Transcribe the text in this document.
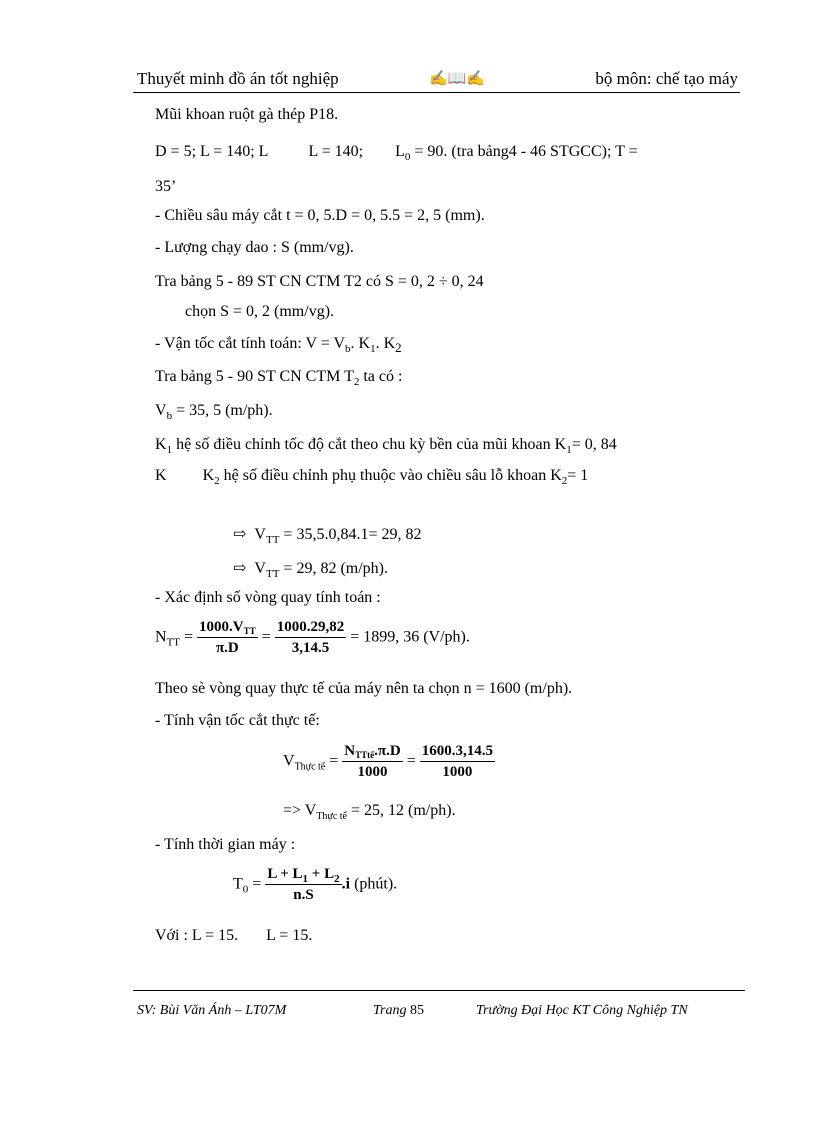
Thuyết minh đồ án tốt nghiệp	✍📖✍	bộ môn: chế tạo máy
Mũi khoan ruột gà thép P18.
D = 5; L = 140; L	L = 140; $L_0 = 90$. (tra bảng4 - 46 STGCC); T =
35’
- Chiều sâu máy cắt t = 0, 5.D = 0, 5.5 = 2, 5 (mm).
- Lượng chạy dao : S (mm/vg).
Tra bảng 5 - 89 ST CN CTM T2 có S = 0, 2 ÷ 0, 24
chọn S = 0, 2 (mm/vg).
- Vận tốc cắt tính toán: $V = V_b$. $K_1$. $K_2$
Tra bảng 5 - 90 ST CN CTM $T_2$ ta có :
$V_b = 35$, 5 (m/ph).
$K_1$ hệ số điều chỉnh tốc độ cắt theo chu kỳ bền của mũi khoan $K_1= 0$, 84
K $K_2$ hệ số điều chỉnh phụ thuộc vào chiều sâu lỗ khoan $K_2= 1$
⇨ $V_{TT} = 35,5.0,84.1= 29$, 82
⇨ $V_{TT} = 29$, 82 (m/ph).
- Xác định số vòng quay tính toán :
$N_{TT} = \frac{1000.V_{TT}}{\pi.D} = \frac{1000.29,82}{3,14.5} = 1899$, 36 (V/ph).
Theo sè vòng quay thực tế của máy nên ta chọn n = 1600 (m/ph).
- Tính vận tốc cắt thực tế:
$V_{Thực tế} = \frac{N_{TTtế}.\pi.D}{1000} = \frac{1600.3,14.5}{1000}$
=> $V_{Thực tế} = 25$, 12 (m/ph).
- Tính thời gian máy :
$T_0 = \frac{L + L_1 + L_2}{n.S} .i$ (phút).
Với : L = 15. L = 15.
SV: Bùi Văn Ánh – LT07M	Trang 85	Trường Đại Học KT Công Nghiệp TN
